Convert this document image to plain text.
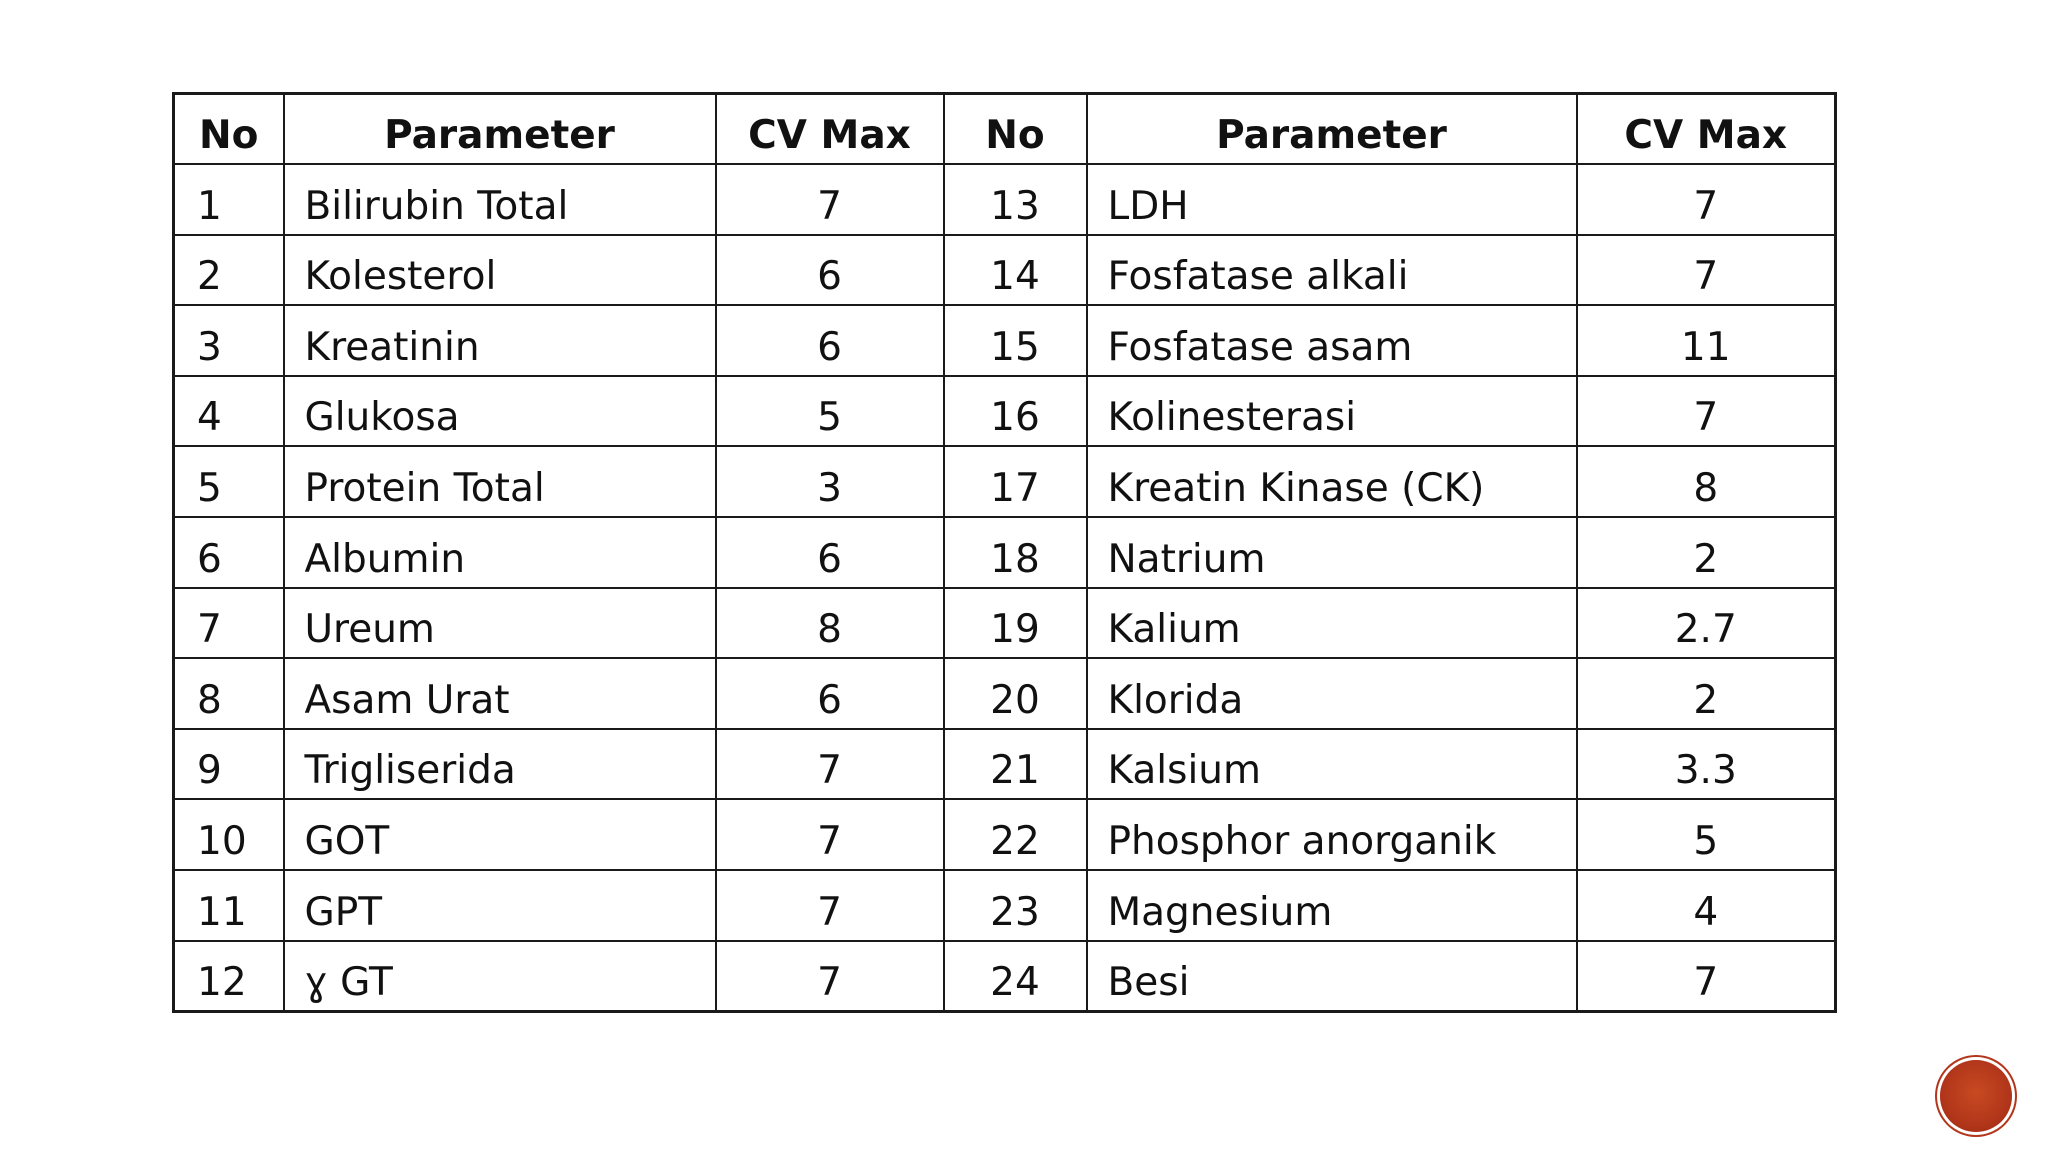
No	Parameter	CV Max	No	Parameter	CV Max
1	Bilirubin Total	7	13	LDH	7
2	Kolesterol	6	14	Fosfatase alkali	7
3	Kreatinin	6	15	Fosfatase asam	11
4	Glukosa	5	16	Kolinesterasi	7
5	Protein Total	3	17	Kreatin Kinase (CK)	8
6	Albumin	6	18	Natrium	2
7	Ureum	8	19	Kalium	2.7
8	Asam Urat	6	20	Klorida	2
9	Trigliserida	7	21	Kalsium	3.3
10	GOT	7	22	Phosphor anorganik	5
11	GPT	7	23	Magnesium	4
12	ɣ GT	7	24	Besi	7
